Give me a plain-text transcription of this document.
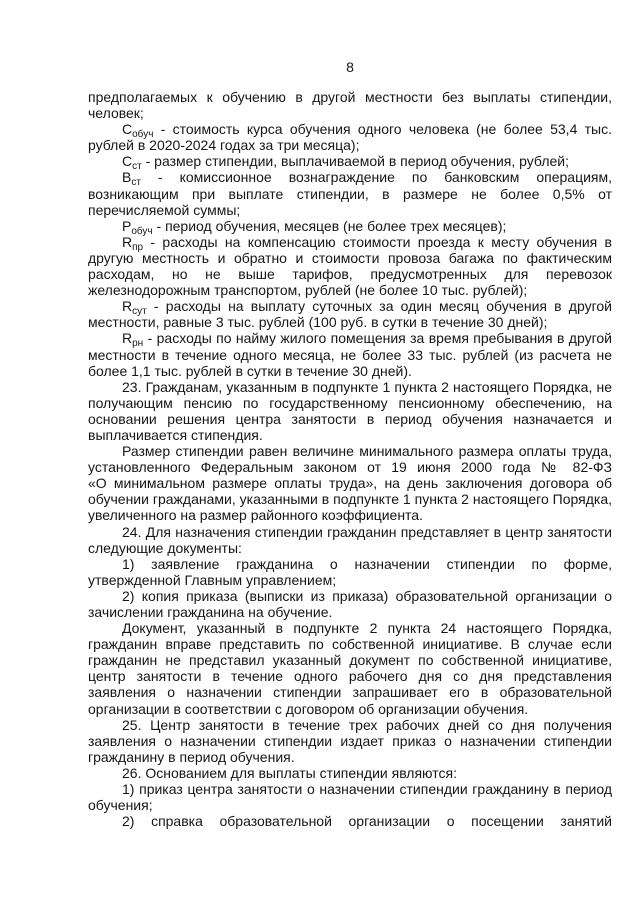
8
предполагаемых к обучению в другой местности без выплаты стипендии,
человек;
$С_{обуч}$ - стоимость курса обучения одного человека (не более 53,4 тыс.
рублей в 2020-2024 годах за три месяца);
$С_{ст}$ - размер стипендии, выплачиваемой в период обучения, рублей;
$В_{ст}$ - комиссионное вознаграждение по банковским операциям,
возникающим при выплате стипендии, в размере не более 0,5% от
перечисляемой суммы;
$Р_{обуч}$ - период обучения, месяцев (не более трех месяцев);
$R_{пр}$ - расходы на компенсацию стоимости проезда к месту обучения в
другую местность и обратно и стоимости провоза багажа по фактическим
расходам, но не выше тарифов, предусмотренных для перевозок
железнодорожным транспортом, рублей (не более 10 тыс. рублей);
$R_{сут}$ - расходы на выплату суточных за один месяц обучения в другой
местности, равные 3 тыс. рублей (100 руб. в сутки в течение 30 дней);
$R_{рн}$ - расходы по найму жилого помещения за время пребывания в другой
местности в течение одного месяца, не более 33 тыс. рублей (из расчета не
более 1,1 тыс. рублей в сутки в течение 30 дней).
23. Гражданам, указанным в подпункте 1 пункта 2 настоящего Порядка, не
получающим пенсию по государственному пенсионному обеспечению, на
основании решения центра занятости в период обучения назначается и
выплачивается стипендия.
Размер стипендии равен величине минимального размера оплаты труда,
установленного Федеральным законом от 19 июня 2000 года № 82-ФЗ
«О минимальном размере оплаты труда», на день заключения договора об
обучении гражданами, указанными в подпункте 1 пункта 2 настоящего Порядка,
увеличенного на размер районного коэффициента.
24. Для назначения стипендии гражданин представляет в центр занятости
следующие документы:
1) заявление гражданина о назначении стипендии по форме,
утвержденной Главным управлением;
2) копия приказа (выписки из приказа) образовательной организации о
зачислении гражданина на обучение.
Документ, указанный в подпункте 2 пункта 24 настоящего Порядка,
гражданин вправе представить по собственной инициативе. В случае если
гражданин не представил указанный документ по собственной инициативе,
центр занятости в течение одного рабочего дня со дня представления
заявления о назначении стипендии запрашивает его в образовательной
организации в соответствии с договором об организации обучения.
25. Центр занятости в течение трех рабочих дней со дня получения
заявления о назначении стипендии издает приказ о назначении стипендии
гражданину в период обучения.
26. Основанием для выплаты стипендии являются:
1) приказ центра занятости о назначении стипендии гражданину в период
обучения;
2) справка образовательной организации о посещении занятий
